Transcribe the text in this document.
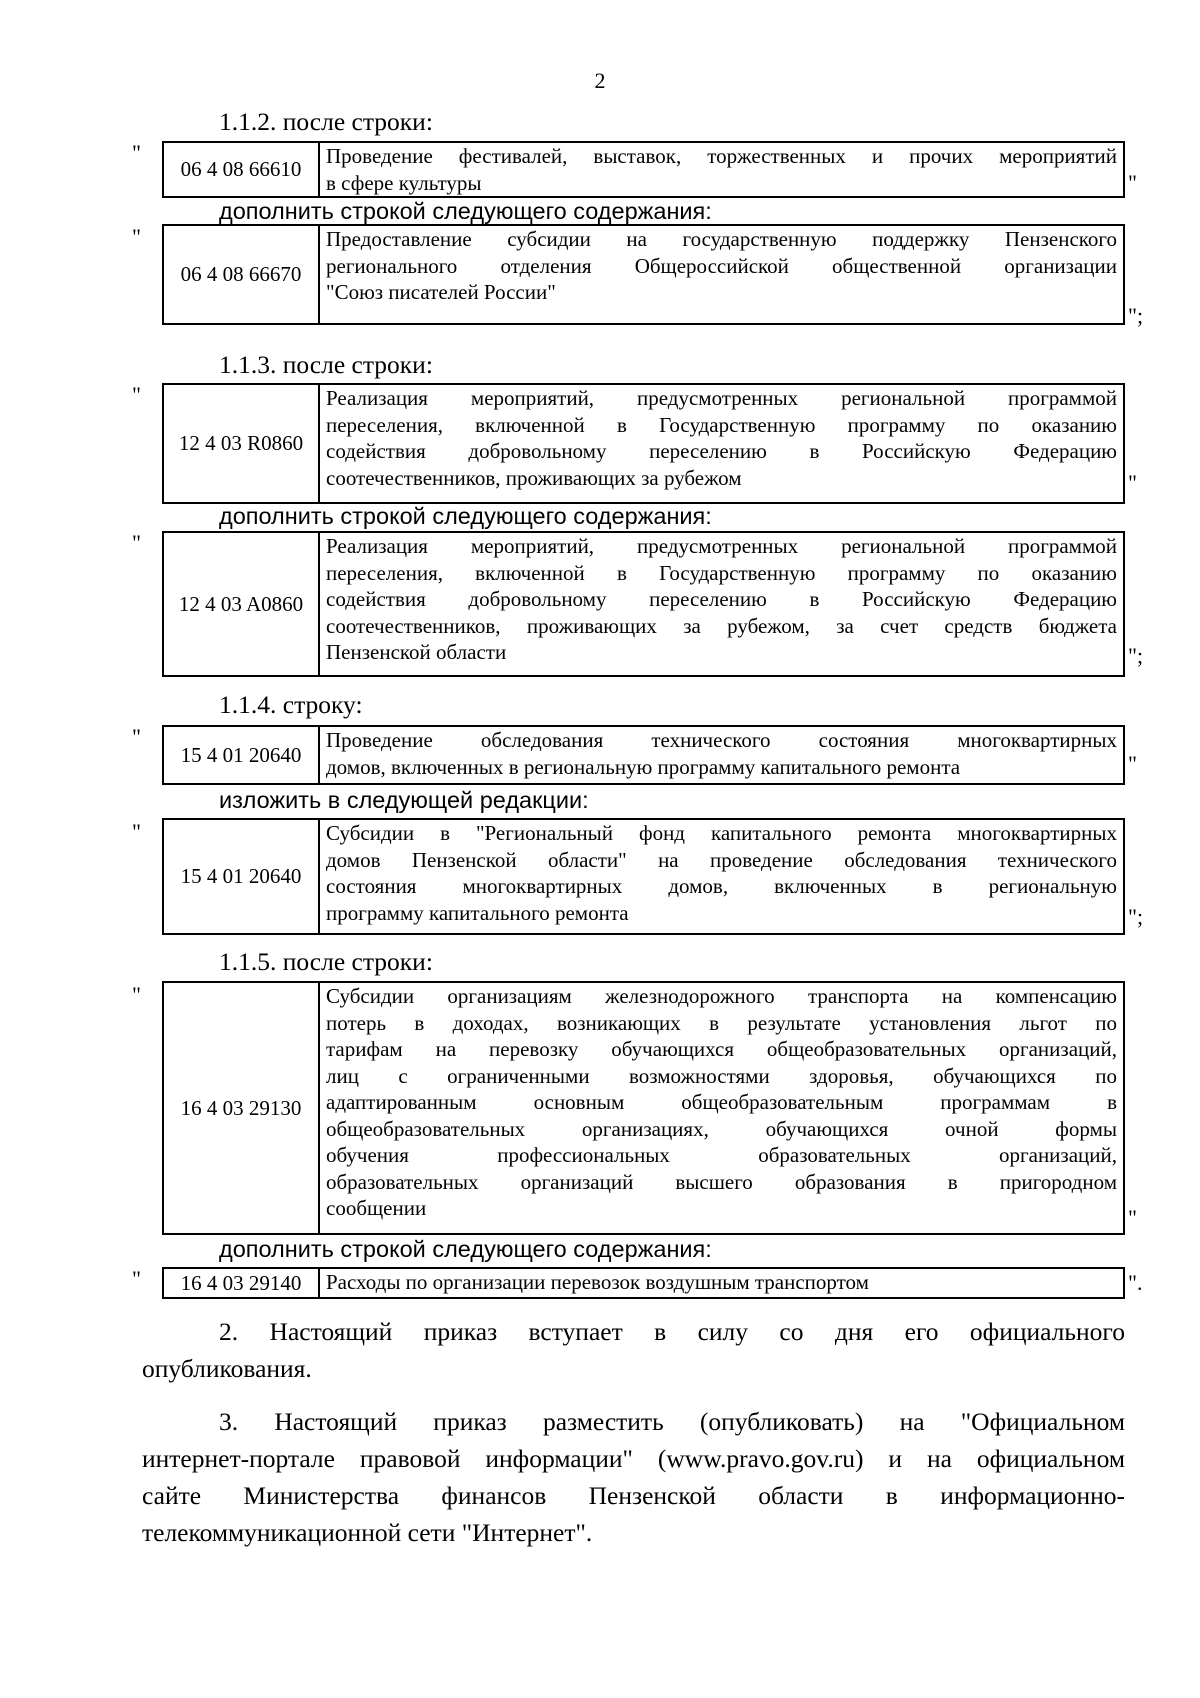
2
1.1.2. после строки:
"
06 4 08 66610	
Проведение фестивалей, выставок, торжественных и прочих мероприятий
в сфере культуры	"
дополнить строкой следующего содержания:
"
06 4 08 66670	
Предоставление субсидии на государственную поддержку Пензенского
регионального отделения Общероссийской общественной организации
"Союз писателей России"
";
1.1.3. после строки:
"
12 4 03 R0860	
Реализация мероприятий, предусмотренных региональной программой
переселения, включенной в Государственную программу по оказанию
содействия добровольному переселению в Российскую Федерацию
соотечественников, проживающих за рубежом	"
дополнить строкой следующего содержания:
"
12 4 03 A0860	
Реализация мероприятий, предусмотренных региональной программой
переселения, включенной в Государственную программу по оказанию
содействия добровольному переселению в Российскую Федерацию
соотечественников, проживающих за рубежом, за счет средств бюджета
Пензенской области	";
1.1.4. строку:
"
15 4 01 20640	
Проведение обследования технического состояния многоквартирных
домов, включенных в региональную программу капитального ремонта	"
изложить в следующей редакции:
"
15 4 01 20640	
Субсидии в "Региональный фонд капитального ремонта многоквартирных
домов Пензенской области" на проведение обследования технического
состояния многоквартирных домов, включенных в региональную
программу капитального ремонта	";
1.1.5. после строки:
"
16 4 03 29130	
Субсидии организациям железнодорожного транспорта на компенсацию
потерь в доходах, возникающих в результате установления льгот по
тарифам на перевозку обучающихся общеобразовательных организаций,
лиц с ограниченными возможностями здоровья, обучающихся по
адаптированным основным общеобразовательным программам в
общеобразовательных организациях, обучающихся очной формы
обучения профессиональных образовательных организаций,
образовательных организаций высшего образования в пригородном
сообщении	"
дополнить строкой следующего содержания:
" 16 4 03 29140	Расходы по организации перевозок воздушным транспортом	".

2. Настоящий приказ вступает в силу со дня его официального
опубликования.

3. Настоящий приказ разместить (опубликовать) на "Официальном
интернет-портале правовой информации" (www.pravo.gov.ru) и на официальном
сайте Министерства финансов Пензенской области в информационно-
телекоммуникационной сети "Интернет".
